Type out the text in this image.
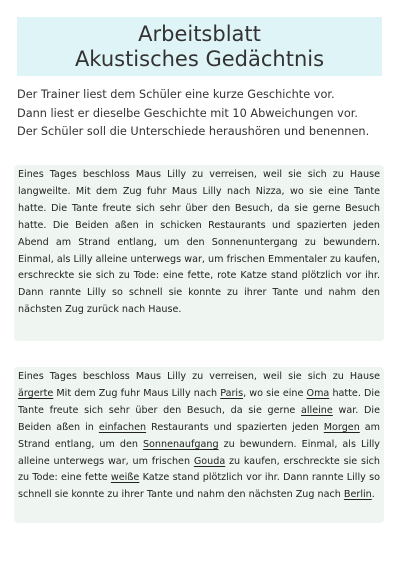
Arbeitsblatt
Akustisches Gedächtnis

Der Trainer liest dem Schüler eine kurze Geschichte vor.

Dann liest er dieselbe Geschichte mit 10 Abweichungen vor.

Der Schüler soll die Unterschiede heraushören und benennen.

Eines Tages beschloss Maus Lilly zu verreisen, weil sie sich zu Hause langweilte. Mit dem Zug fuhr Maus Lilly nach Nizza, wo sie eine Tante hatte. Die Tante freute sich sehr über den Besuch, da sie gerne Besuch hatte. Die Beiden aßen in schicken Restaurants und spazierten jeden Abend am Strand entlang, um den Sonnenuntergang zu bewundern. Einmal, als Lilly alleine unterwegs war, um frischen Emmentaler zu kaufen, erschreckte sie sich zu Tode: eine fette, rote Katze stand plötzlich vor ihr. Dann rannte Lilly so schnell sie konnte zu ihrer Tante und nahm den nächsten Zug zurück nach Hause.
Eines Tages beschloss Maus Lilly zu verreisen, weil sie sich zu Hause ärgerte Mit dem Zug fuhr Maus Lilly nach Paris, wo sie eine Oma hatte. Die Tante freute sich sehr über den Besuch, da sie gerne alleine war. Die Beiden aßen in einfachen Restaurants und spazierten jeden Morgen am Strand entlang, um den Sonnenaufgang zu bewundern. Einmal, als Lilly alleine unterwegs war, um frischen Gouda zu kaufen, erschreckte sie sich zu Tode: eine fette weiße Katze stand plötzlich vor ihr. Dann rannte Lilly so schnell sie konnte zu ihrer Tante und nahm den nächsten Zug nach Berlin.
